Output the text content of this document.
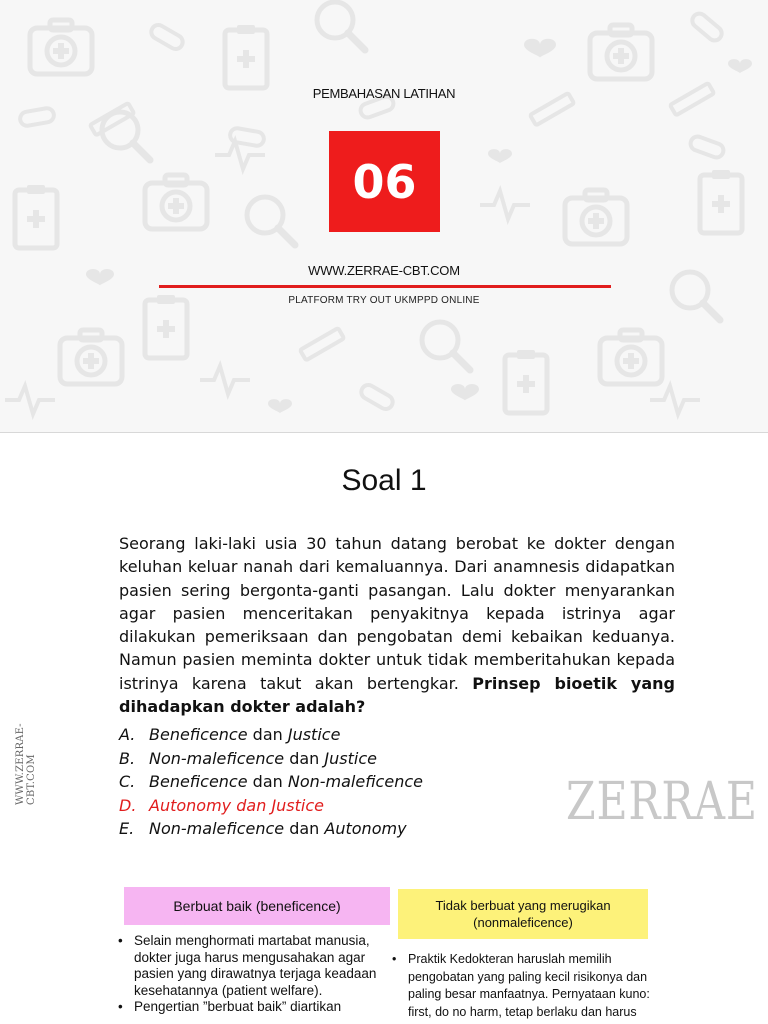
PEMBAHASAN LATIHAN
06
WWW.ZERRAE-CBT.COM
PLATFORM TRY OUT UKMPPD ONLINE
Soal 1

Seorang laki-laki usia 30 tahun datang berobat ke dokter dengan keluhan keluar nanah dari kemaluannya. Dari anamnesis didapatkan pasien sering bergonta-ganti pasangan. Lalu dokter menyarankan agar pasien menceritakan penyakitnya kepada istrinya agar dilakukan pemeriksaan dan pengobatan demi kebaikan keduanya. Namun pasien meminta dokter untuk tidak memberitahukan kepada istrinya karena takut akan bertengkar. Prinsep bioetik yang dihadapkan dokter adalah?

A. Beneficence dan Justice
B. Non-maleficence dan Justice
C. Beneficence dan Non-maleficence
D. Autonomy dan Justice
E. Non-maleficence dan Autonomy
WWW.ZERRAE-CBT.COM	ZERRAE
Berbuat baik (beneficence)	Tidak berbuat yang merugikan
(nonmaleficence)
• Selain menghormati martabat manusia, dokter juga harus mengusahakan agar pasien yang dirawatnya terjaga keadaan kesehatannya (patient welfare).
• Pengertian ”berbuat baik” diartikan
• Praktik Kedokteran haruslah memilih pengobatan yang paling kecil risikonya dan paling besar manfaatnya. Pernyataan kuno: first, do no harm, tetap berlaku dan harus
